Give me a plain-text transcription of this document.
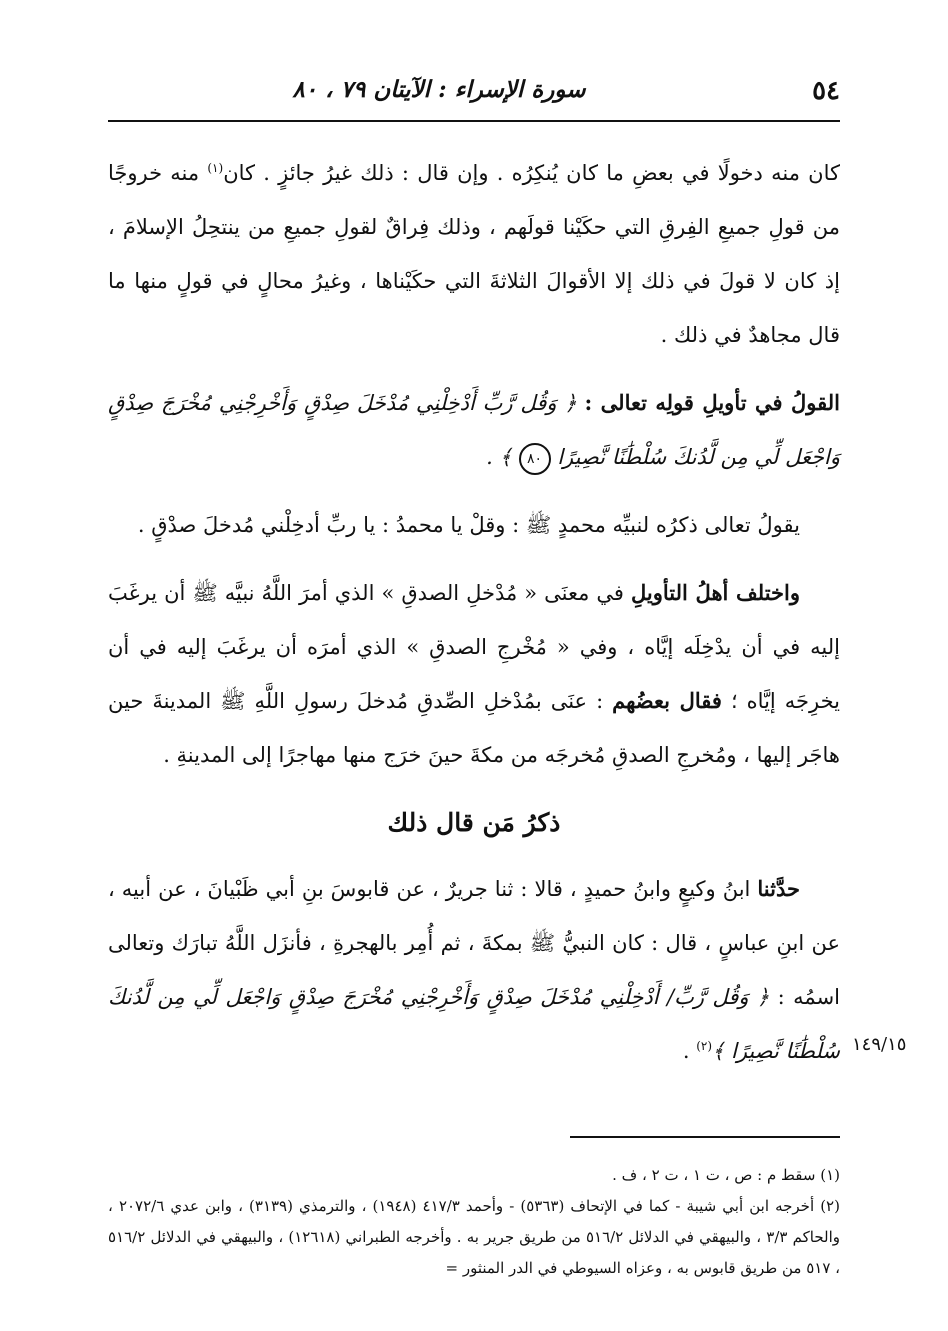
٥٤
سورة الإسراء : الآيتان ٧٩ ، ٨٠

كان منه دخولًا في بعضِ ما كان يُنكِرُه . وإن قال : ذلك غيرُ جائزٍ . كان$^{(١)}$ منه خروجًا من قولِ جميعِ الفِرقِ التي حكَيْنا قولَهم ، وذلك فِراقٌ لقولِ جميعِ من ينتحِلُ الإسلامَ ، إذ كان لا قولَ في ذلك إلا الأقوالَ الثلاثةَ التي حكَيْناها ، وغيرُ محالٍ في قولٍ منها ما قال مجاهدٌ في ذلك .

القولُ في تأويلِ قولِه تعالى : ﴿ وَقُل رَّبِّ أَدْخِلْنِي مُدْخَلَ صِدْقٍ وَأَخْرِجْنِي مُخْرَجَ صِدْقٍ وَاجْعَل لِّي مِن لَّدُنكَ سُلْطَٰنًا نَّصِيرًا ٨٠ ﴾ .

يقولُ تعالى ذكرُه لنبيِّه محمدٍ ﷺ : وقلْ يا محمدُ : يا ربِّ أدخِلْني مُدخلَ صدْقٍ .

واختلف أهلُ التأويلِ في معنَى « مُدْخلِ الصدقِ » الذي أمرَ اللَّهُ نبيَّه ﷺ أن يرغَبَ إليه في أن يدْخِلَه إيَّاه ، وفي « مُخْرجِ الصدقِ » الذي أمرَه أن يرغَبَ إليه في أن يخرِجَه إيَّاه ؛ فقال بعضُهم : عنَى بمُدْخلِ الصِّدقِ مُدخلَ رسولِ اللَّهِ ﷺ المدينةَ حين هاجَر إليها ، ومُخرجِ الصدقِ مُخرجَه من مكةَ حينَ خرَج منها مهاجرًا إلى المدينةِ .

ذكرُ مَن قال ذلك

حدَّثنا ابنُ وكيعٍ وابنُ حميدٍ ، قالا : ثنا جريرٌ ، عن قابوسَ بنِ أبي ظَبْيانَ ، عن أبيه ، عن ابنِ عباسٍ ، قال : كان النبيُّ ﷺ بمكةَ ، ثم أُمِر بالهجرةِ ، فأنزَل اللَّهُ تبارَك وتعالى اسمُه : ﴿ وَقُل رَّبِّ/ أَدْخِلْنِي مُدْخَلَ صِدْقٍ وَأَخْرِجْنِي مُخْرَجَ صِدْقٍ وَاجْعَل لِّي مِن لَّدُنكَ سُلْطَٰنًا نَّصِيرًا ﴾$^{(٢)}$ .	١٤٩/١٥

(١) سقط م : ص ، ت ١ ، ت ٢ ، ف .

(٢) أخرجه ابن أبي شيبة - كما في الإتحاف (٥٣٦٣) - وأحمد ٤١٧/٣ (١٩٤٨) ، والترمذي (٣١٣٩) ، وابن عدي ٢٠٧٢/٦ ، والحاكم ٣/٣ ، والبيهقي في الدلائل ٥١٦/٢ من طريق جرير به . وأخرجه الطبراني (١٢٦١٨) ، والبيهقي في الدلائل ٥١٦/٢ ، ٥١٧ من طريق قابوس به ، وعزاه السيوطي في الدر المنثور =
